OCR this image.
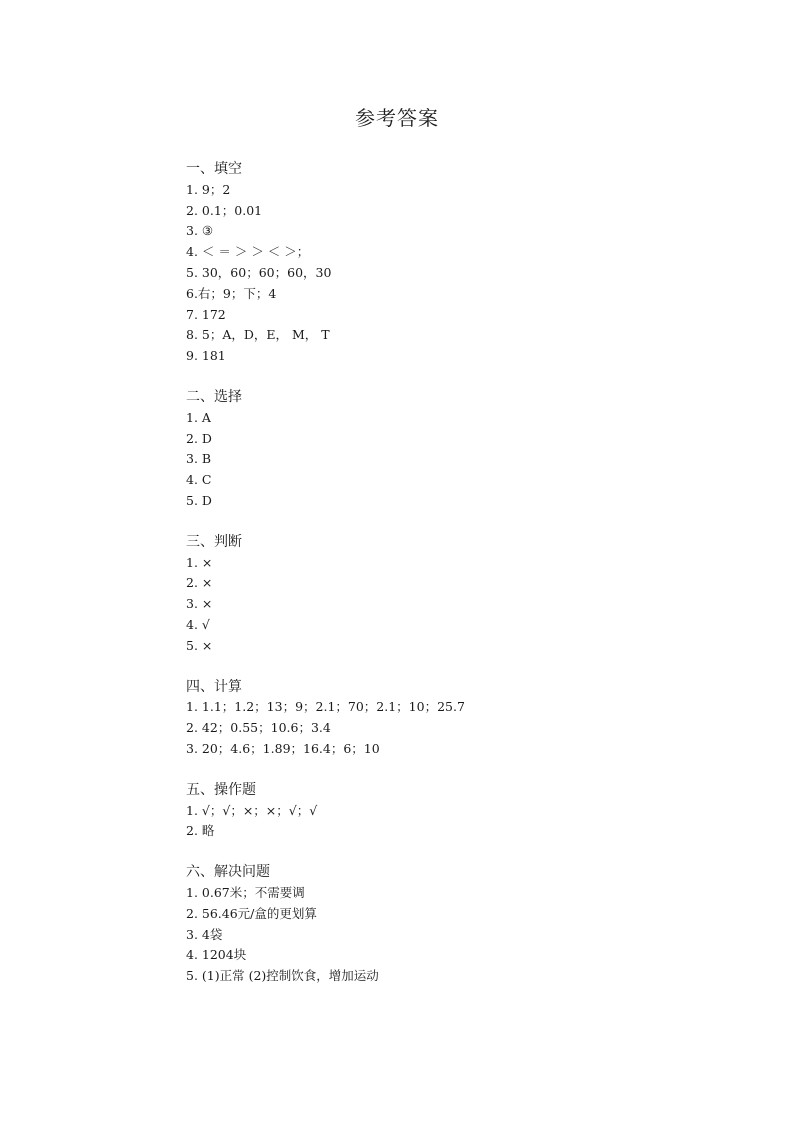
参考答案
一、填空
1. 9；2
2. 0.1；0.01
3. ③
4. ＜ ＝ ＞ ＞ ＜ ＞；
5. 30，60；60；60，30
6.右；9；下；4
7. 172
8. 5；A，D，E， M， T
9. 181
二、选择
1. A
2. D
3. B
4. C
5. D
三、判断
1. ×
2. ×
3. ×
4. √
5. ×
四、计算
1. 1.1；1.2；13；9；2.1；70；2.1；10；25.7
2. 42；0.55；10.6；3.4
3. 20；4.6；1.89；16.4；6；10
五、操作题
1. √；√；×；×；√；√
2. 略
六、解决问题
1. 0.67米；不需要调
2. 56.46元/盒的更划算
3. 4袋
4. 1204块
5. (1)正常 (2)控制饮食，增加运动
